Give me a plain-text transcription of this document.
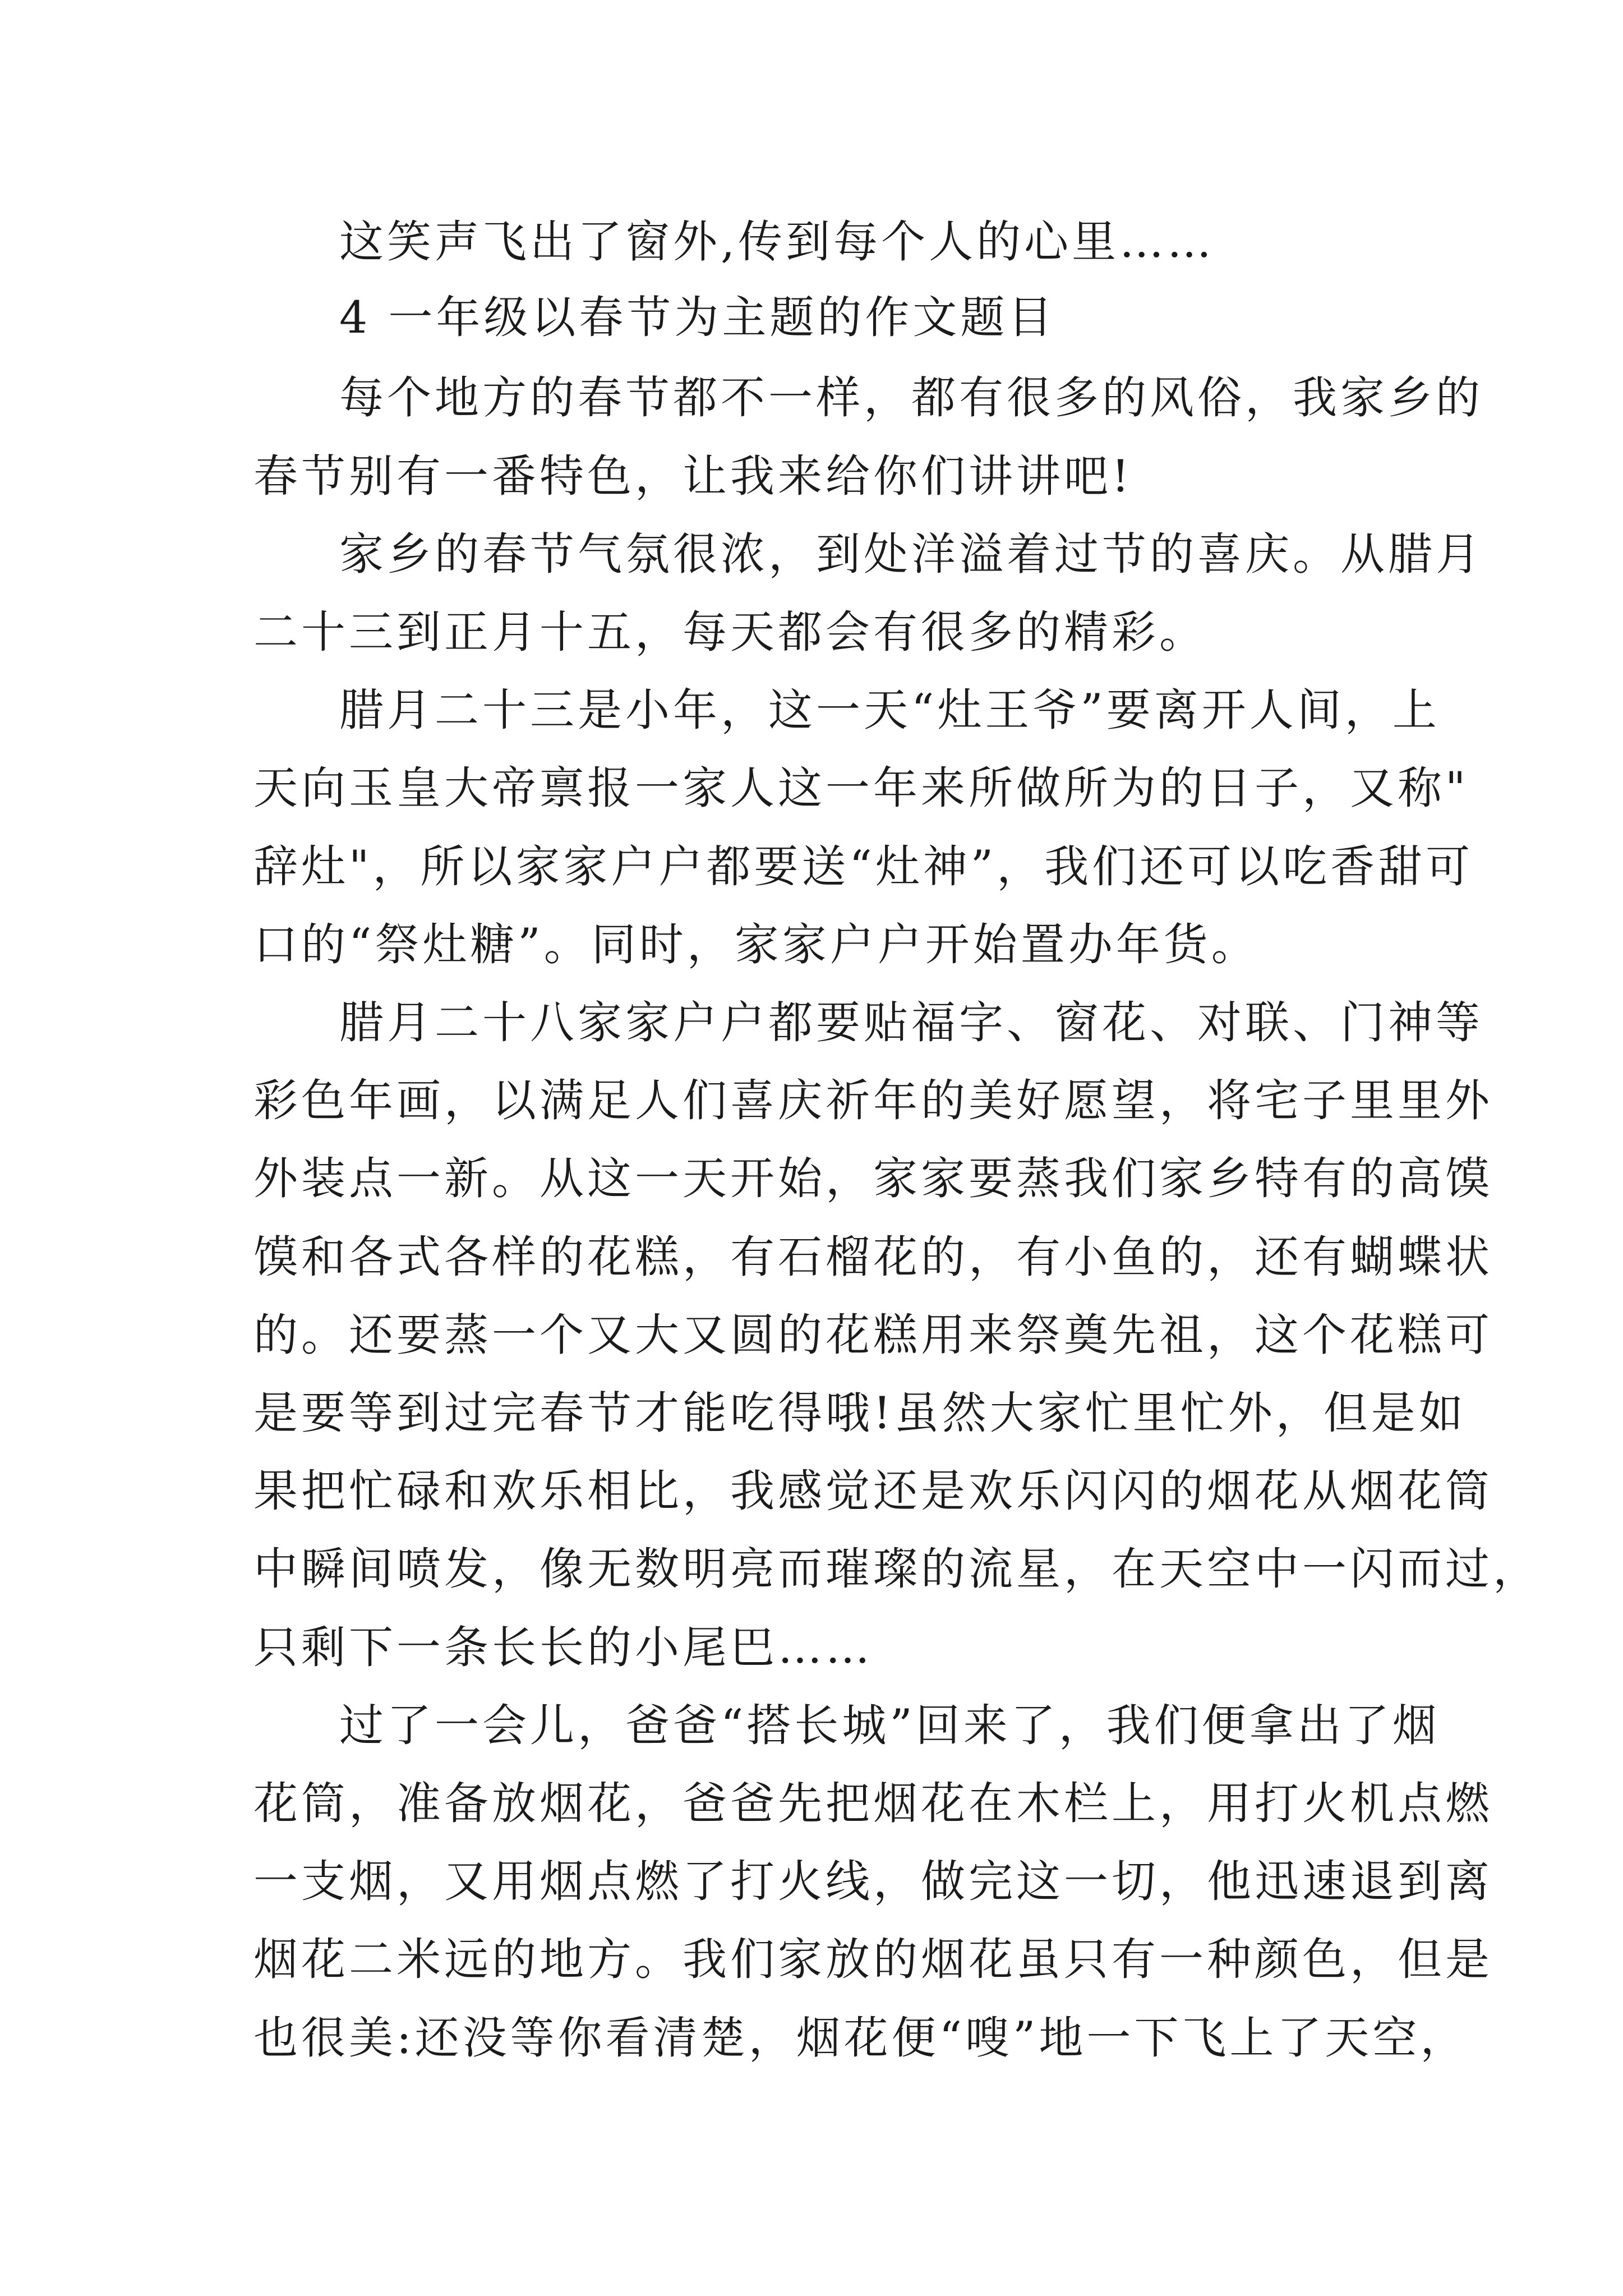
这笑声飞出了窗外,传到每个人的心里……
4 一年级以春节为主题的作文题目
每个地方的春节都不一样，都有很多的风俗，我家乡的
春节别有一番特色，让我来给你们讲讲吧!
家乡的春节气氛很浓，到处洋溢着过节的喜庆。从腊月
二十三到正月十五，每天都会有很多的精彩。
腊月二十三是小年，这一天“灶王爷”要离开人间，上
天向玉皇大帝禀报一家人这一年来所做所为的日子，又称"
辞灶"，所以家家户户都要送“灶神”，我们还可以吃香甜可
口的“祭灶糖”。同时，家家户户开始置办年货。
腊月二十八家家户户都要贴福字、窗花、对联、门神等
彩色年画，以满足人们喜庆祈年的美好愿望，将宅子里里外
外装点一新。从这一天开始，家家要蒸我们家乡特有的高馍
馍和各式各样的花糕，有石榴花的，有小鱼的，还有蝴蝶状
的。还要蒸一个又大又圆的花糕用来祭奠先祖，这个花糕可
是要等到过完春节才能吃得哦!虽然大家忙里忙外，但是如
果把忙碌和欢乐相比，我感觉还是欢乐闪闪的烟花从烟花筒
中瞬间喷发，像无数明亮而璀璨的流星，在天空中一闪而过，
只剩下一条长长的小尾巴……
过了一会儿，爸爸“搭长城”回来了，我们便拿出了烟
花筒，准备放烟花，爸爸先把烟花在木栏上，用打火机点燃
一支烟，又用烟点燃了打火线，做完这一切，他迅速退到离
烟花二米远的地方。我们家放的烟花虽只有一种颜色，但是
也很美:还没等你看清楚，烟花便“嗖”地一下飞上了天空，
